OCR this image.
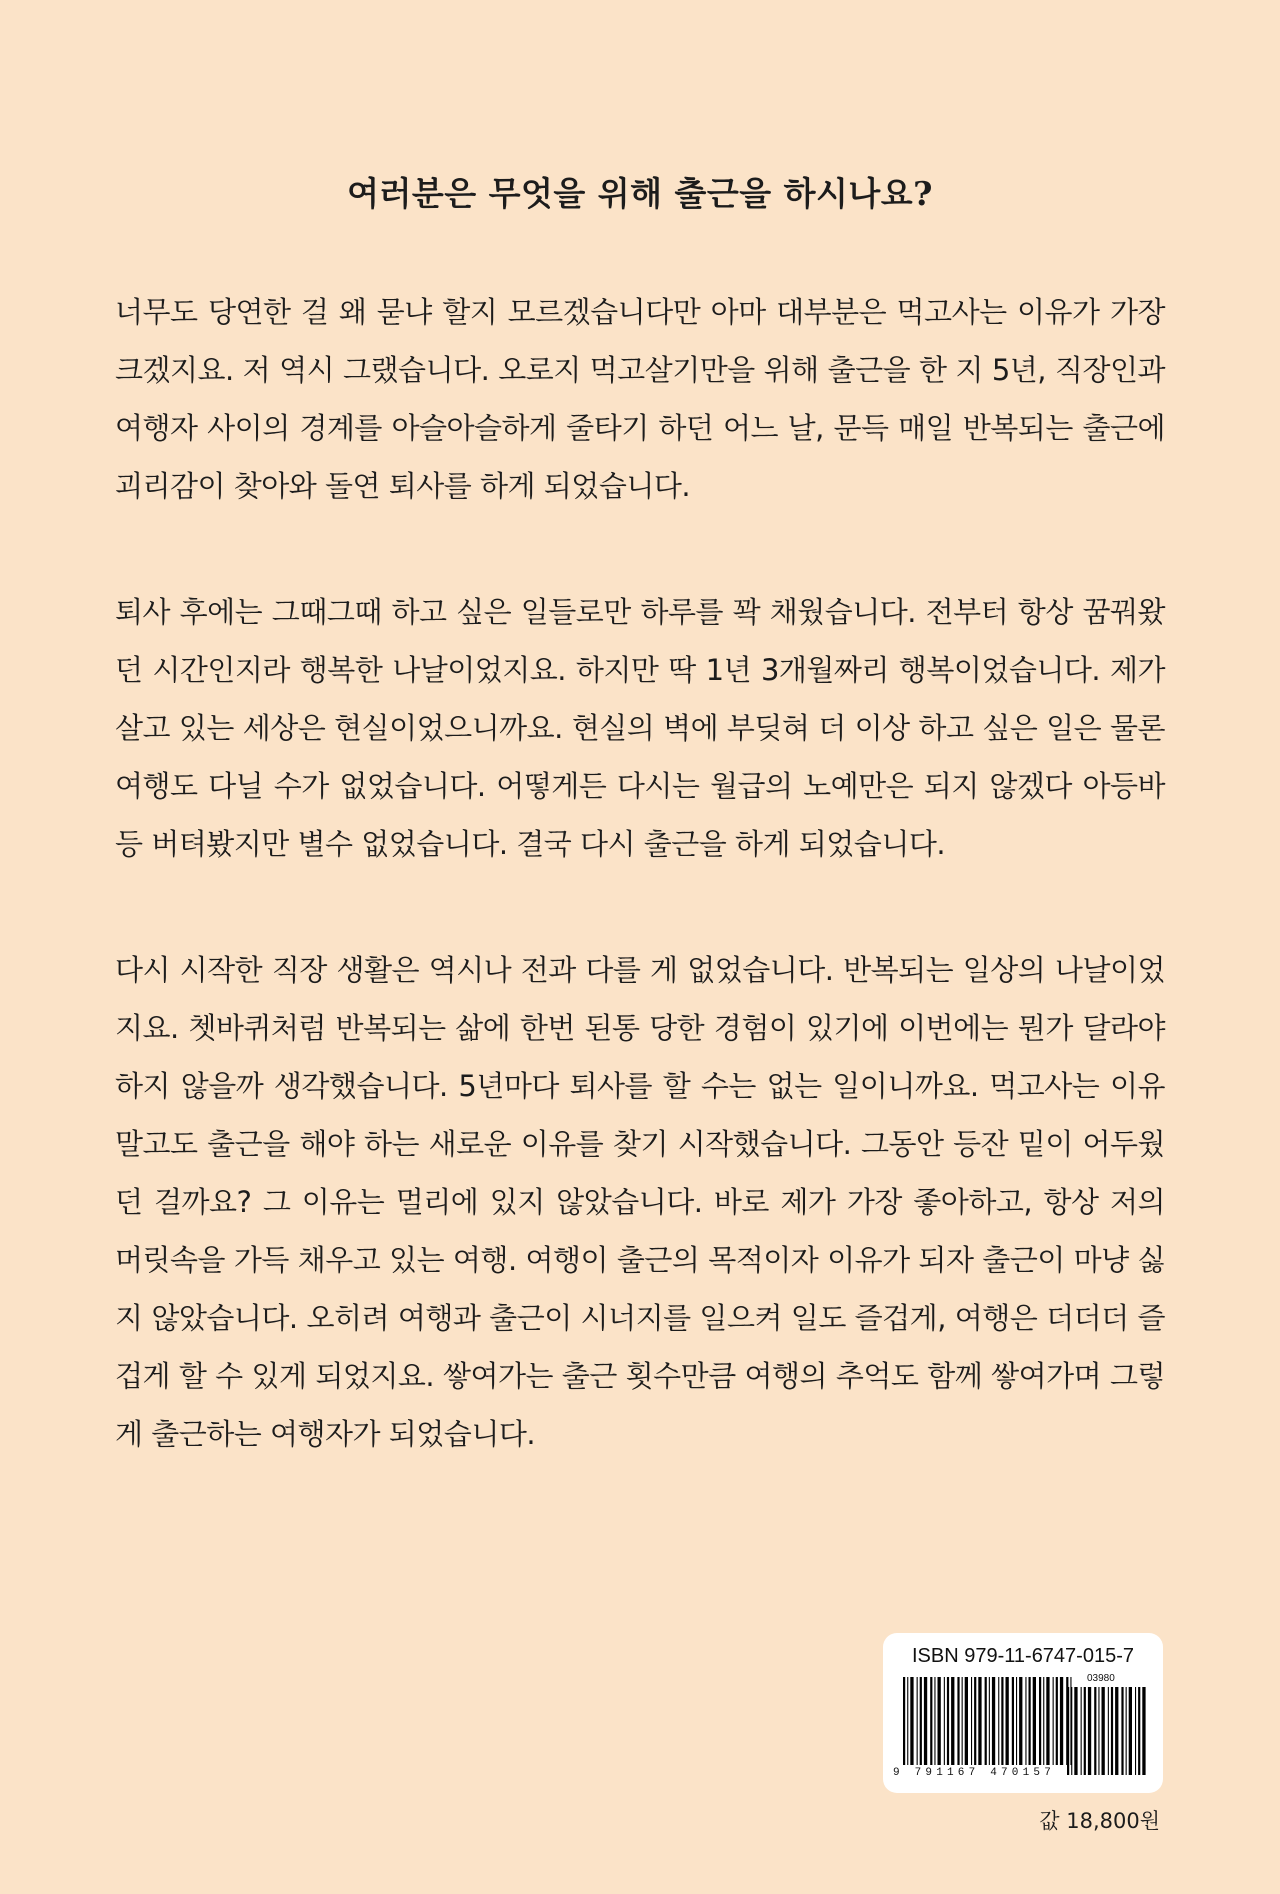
여러분은 무엇을 위해 출근을 하시나요?

너무도 당연한 걸 왜 묻냐 할지 모르겠습니다만 아마 대부분은 먹고사는 이유가 가장 크겠지요. 저 역시 그랬습니다. 오로지 먹고살기만을 위해 출근을 한 지 5년, 직장인과 여행자 사이의 경계를 아슬아슬하게 줄타기 하던 어느 날, 문득 매일 반복되는 출근에 괴리감이 찾아와 돌연 퇴사를 하게 되었습니다.

퇴사 후에는 그때그때 하고 싶은 일들로만 하루를 꽉 채웠습니다. 전부터 항상 꿈꿔왔던 시간인지라 행복한 나날이었지요. 하지만 딱 1년 3개월짜리 행복이었습니다. 제가 살고 있는 세상은 현실이었으니까요. 현실의 벽에 부딪혀 더 이상 하고 싶은 일은 물론 여행도 다닐 수가 없었습니다. 어떻게든 다시는 월급의 노예만은 되지 않겠다 아등바등 버텨봤지만 별수 없었습니다. 결국 다시 출근을 하게 되었습니다.

다시 시작한 직장 생활은 역시나 전과 다를 게 없었습니다. 반복되는 일상의 나날이었지요. 쳇바퀴처럼 반복되는 삶에 한번 된통 당한 경험이 있기에 이번에는 뭔가 달라야 하지 않을까 생각했습니다. 5년마다 퇴사를 할 수는 없는 일이니까요. 먹고사는 이유 말고도 출근을 해야 하는 새로운 이유를 찾기 시작했습니다. 그동안 등잔 밑이 어두웠던 걸까요? 그 이유는 멀리에 있지 않았습니다. 바로 제가 가장 좋아하고, 항상 저의 머릿속을 가득 채우고 있는 여행. 여행이 출근의 목적이자 이유가 되자 출근이 마냥 싫지 않았습니다. 오히려 여행과 출근이 시너지를 일으켜 일도 즐겁게, 여행은 더더더 즐겁게 할 수 있게 되었지요. 쌓여가는 출근 횟수만큼 여행의 추억도 함께 쌓여가며 그렇게 출근하는 여행자가 되었습니다.

ISBN 979-11-6747-015-7
03980
9 791167 470157
값 18,800원
